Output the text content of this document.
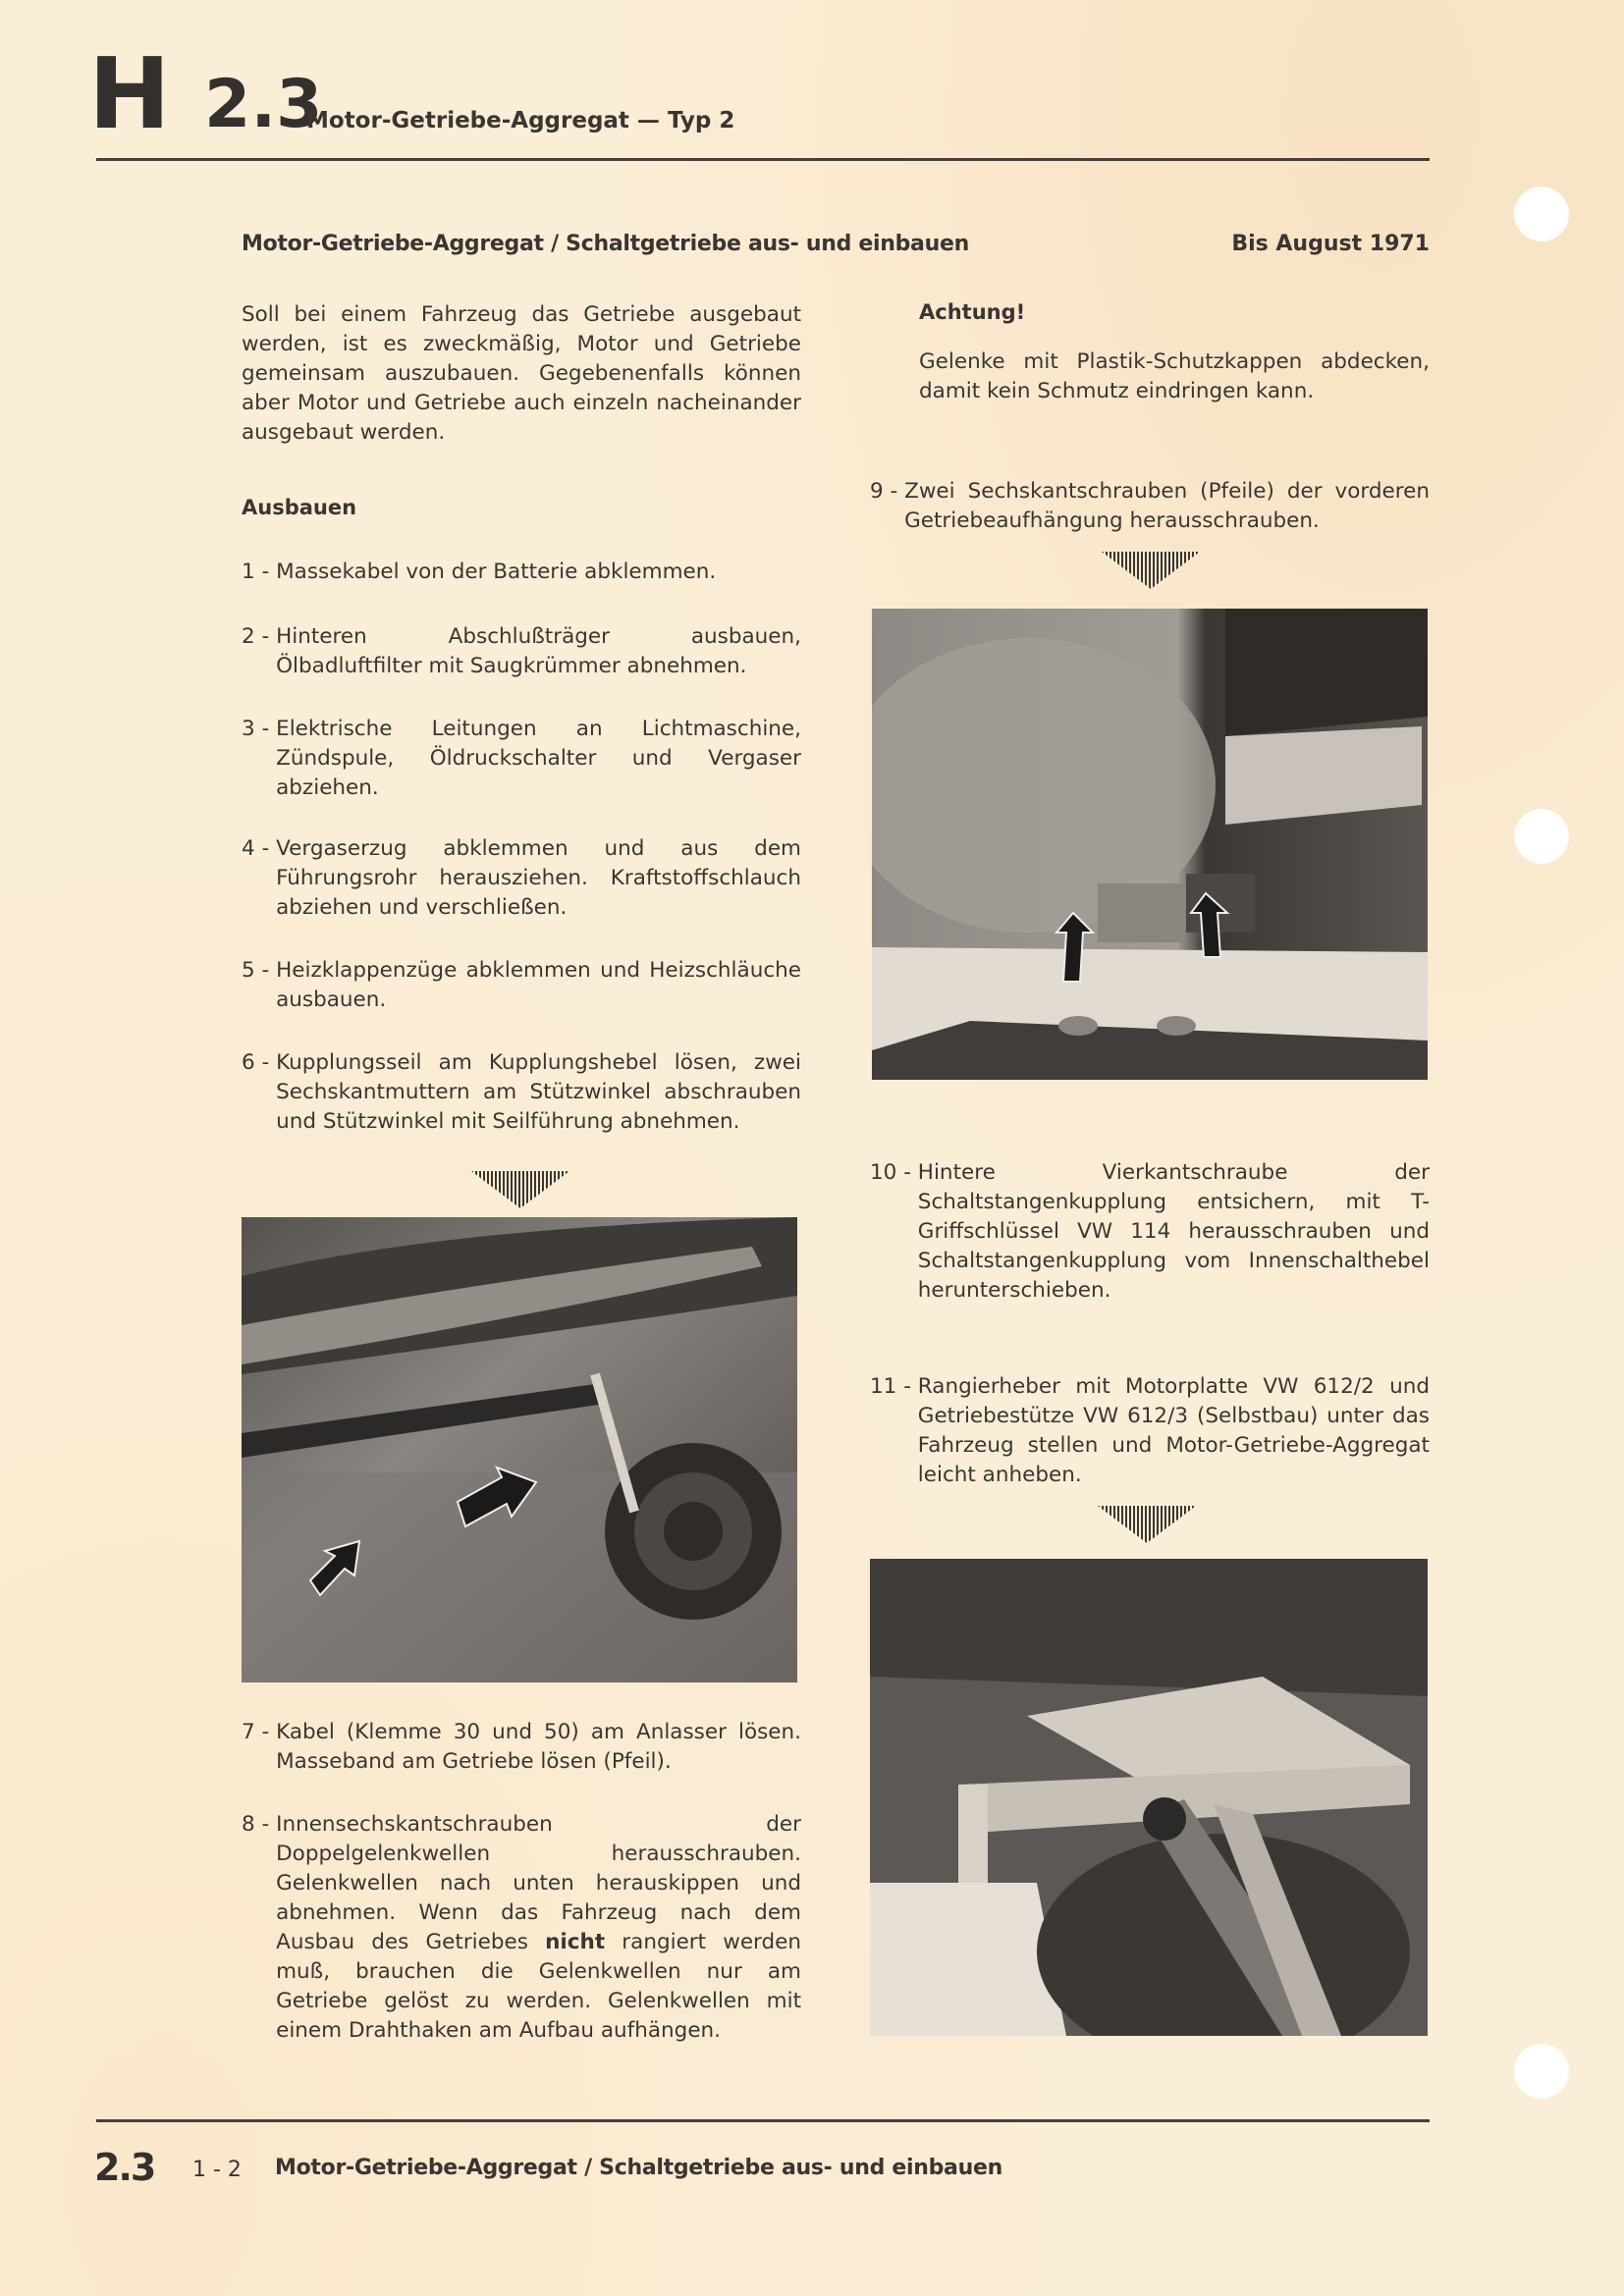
H 2.3
Motor-Getriebe-Aggregat — Typ 2
Motor-Getriebe-Aggregat / Schaltgetriebe aus- und einbauen	Bis August 1971
Soll bei einem Fahrzeug das Getriebe ausgebaut werden, ist es zweckmäßig, Motor und Getriebe gemeinsam auszubauen. Gegebenenfalls können aber Motor und Getriebe auch einzeln nacheinander ausgebaut werden.
Ausbauen
1 - Massekabel von der Batterie abklemmen.
2 - Hinteren Abschlußträger ausbauen, Ölbadluftfilter mit Saugkrümmer abnehmen.
3 - Elektrische Leitungen an Lichtmaschine, Zündspule, Öldruckschalter und Vergaser abziehen.
4 - Vergaserzug abklemmen und aus dem Führungsrohr herausziehen. Kraftstoffschlauch abziehen und verschließen.
5 - Heizklappenzüge abklemmen und Heizschläuche ausbauen.
6 - Kupplungsseil am Kupplungshebel lösen, zwei Sechskantmuttern am Stützwinkel abschrauben und Stützwinkel mit Seilführung abnehmen.
7 - Kabel (Klemme 30 und 50) am Anlasser lösen. Masseband am Getriebe lösen (Pfeil).
8 - Innensechskantschrauben der Doppelgelenkwellen herausschrauben. Gelenkwellen nach unten herauskippen und abnehmen. Wenn das Fahrzeug nach dem Ausbau des Getriebes nicht rangiert werden muß, brauchen die Gelenkwellen nur am Getriebe gelöst zu werden. Gelenkwellen mit einem Drahthaken am Aufbau aufhängen.
Achtung!
Gelenke mit Plastik-Schutzkappen abdecken, damit kein Schmutz eindringen kann.
9 - Zwei Sechskantschrauben (Pfeile) der vorderen Getriebeaufhängung herausschrauben.
10 - Hintere Vierkantschraube der Schaltstangenkupplung entsichern, mit T-Griffschlüssel VW 114 herausschrauben und Schaltstangenkupplung vom Innenschalthebel herunterschieben.
11 - Rangierheber mit Motorplatte VW 612/2 und Getriebestütze VW 612/3 (Selbstbau) unter das Fahrzeug stellen und Motor-Getriebe-Aggregat leicht anheben.
2.3 1 - 2 Motor-Getriebe-Aggregat / Schaltgetriebe aus- und einbauen
